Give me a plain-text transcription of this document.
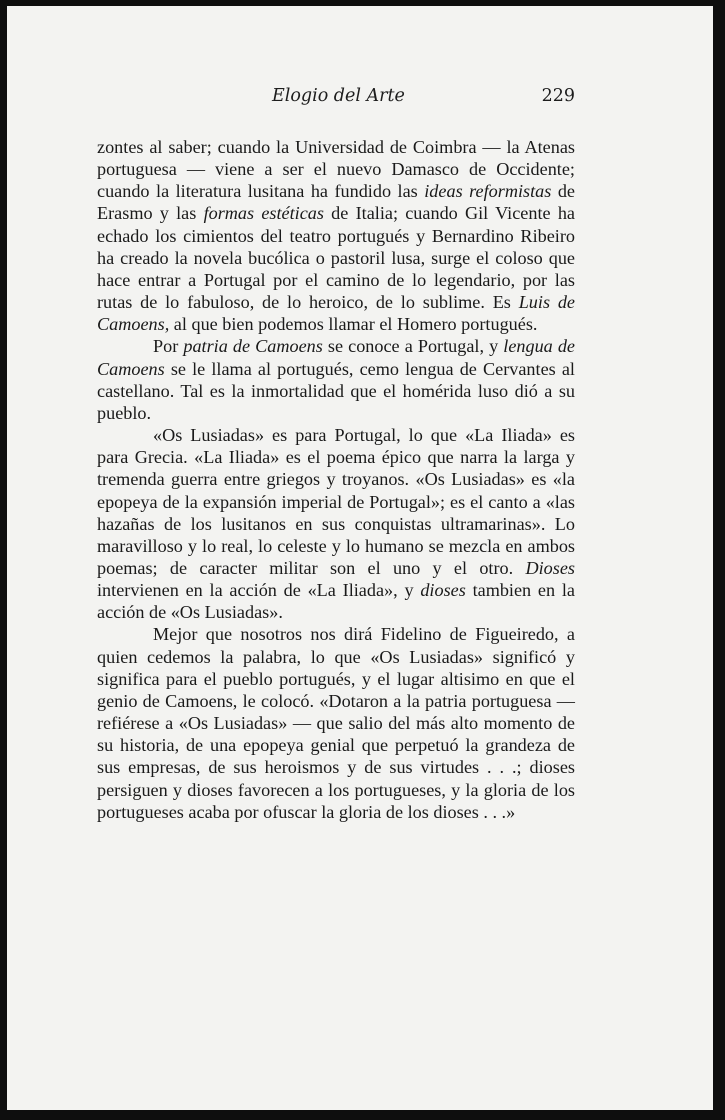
Elogio del Arte	229

zontes al saber; cuando la Universidad de Coimbra — la Atenas portuguesa — viene a ser el nuevo Damasco de Occidente; cuando la literatura lusitana ha fundido las ideas reformistas de Erasmo y las formas estéticas de Italia; cuando Gil Vicente ha echado los cimientos del teatro portugués y Bernardino Ribeiro ha creado la novela bucólica o pastoril lusa, surge el coloso que hace entrar a Portugal por el camino de lo legendario, por las rutas de lo fabuloso, de lo heroico, de lo sublime. Es Luis de Camoens, al que bien podemos llamar el Homero portugués.

Por patria de Camoens se conoce a Portugal, y lengua de Camoens se le llama al portugués, cemo lengua de Cervantes al castellano. Tal es la inmortalidad que el homérida luso dió a su pueblo.

«Os Lusiadas» es para Portugal, lo que «La Iliada» es para Grecia. «La Iliada» es el poema épico que narra la larga y tremenda guerra entre griegos y troyanos. «Os Lusiadas» es «la epopeya de la expansión imperial de Portugal»; es el canto a «las hazañas de los lusitanos en sus conquistas ultramarinas». Lo maravilloso y lo real, lo celeste y lo humano se mezcla en ambos poemas; de caracter militar son el uno y el otro. Dioses intervienen en la acción de «La Iliada», y dioses tambien en la acción de «Os Lusiadas».

Mejor que nosotros nos dirá Fidelino de Figueiredo, a quien cedemos la palabra, lo que «Os Lusiadas» significó y significa para el pueblo portugués, y el lugar altisimo en que el genio de Camoens, le colocó. «Dotaron a la patria portuguesa — refiérese a «Os Lusiadas» — que salio del más alto momento de su historia, de una epopeya genial que perpetuó la grandeza de sus empresas, de sus heroismos y de sus virtudes . . .; dioses persiguen y dioses favorecen a los portugueses, y la gloria de los portugueses acaba por ofuscar la gloria de los dioses . . .»
